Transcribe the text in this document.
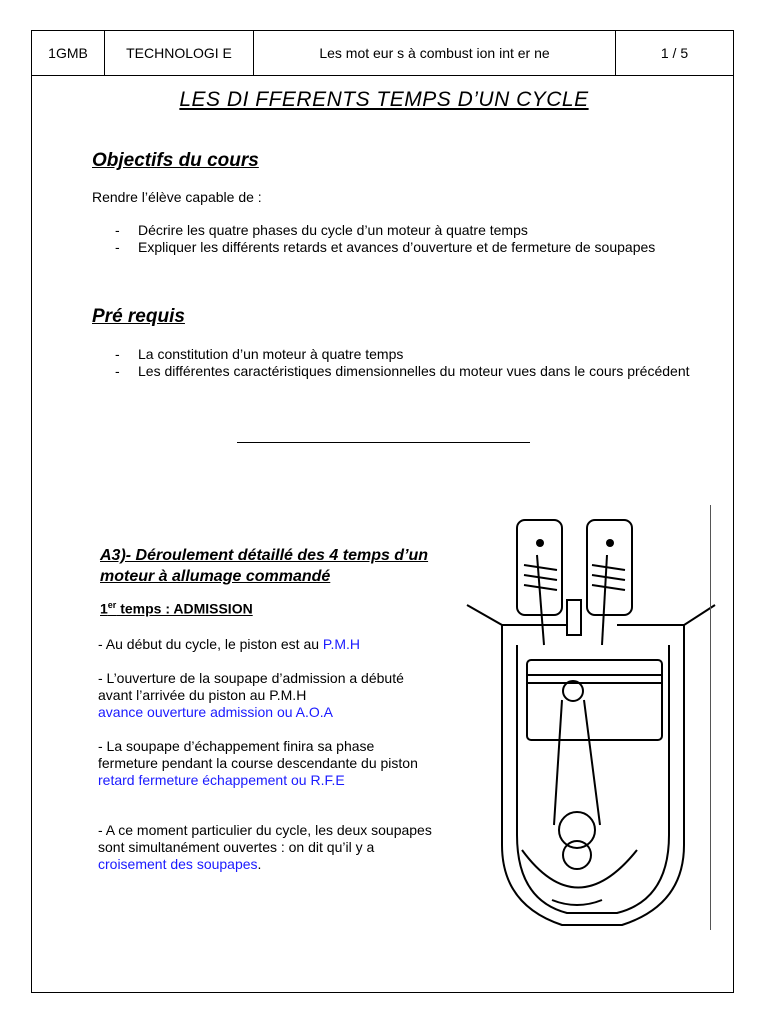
1GMB	TECHNOLOGI E	Les mot eur s à combust ion int er ne	1 / 5
LES DI FFERENTS TEMPS D’UN CYCLE
Objectifs du cours
Rendre l’élève capable de :
- Décrire les quatre phases du cycle d’un moteur à quatre temps
- Expliquer les différents retards et avances d’ouverture et de fermeture de soupapes
Pré requis
- La constitution d’un moteur à quatre temps
- Les différentes caractéristiques dimensionnelles du moteur vues dans le cours précédent
A3)- Déroulement détaillé des 4 temps d’un moteur à allumage commandé
1er temps : ADMISSION
- Au début du cycle, le piston est au P.M.H
- L’ouverture de la soupape d’admission a débuté avant l’arrivée du piston au P.M.H
avance ouverture admission ou A.O.A
- La soupape d’échappement finira sa phase fermeture pendant la course descendante du piston
retard fermeture échappement ou R.F.E
- A ce moment particulier du cycle, les deux soupapes sont simultanément ouvertes : on dit qu’il y a croisement des soupapes.
